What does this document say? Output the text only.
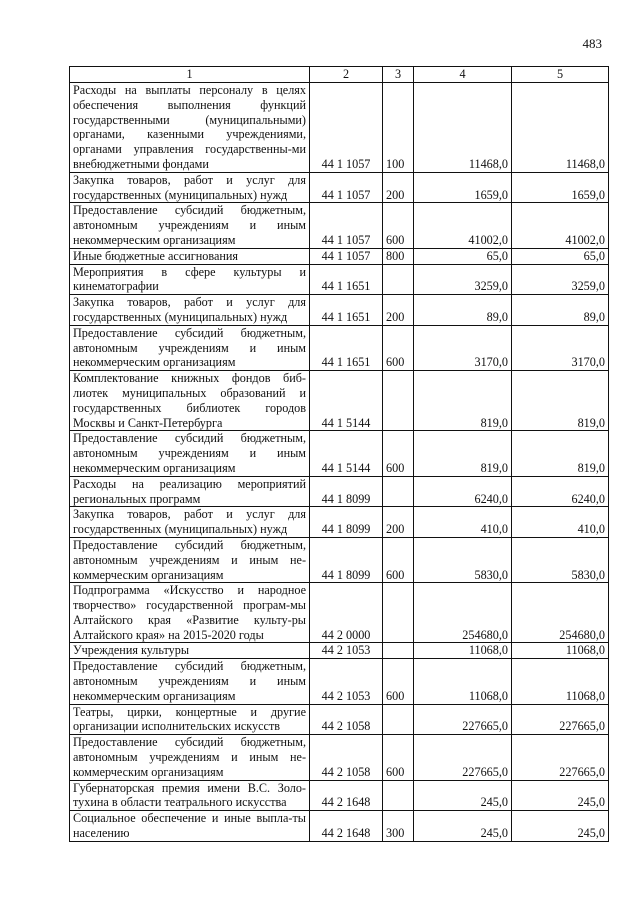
483
1	2	3	4	5
Расходы на выплаты персоналу в целях обеспечения выполнения функций государственными (муниципальными) органами, казенными учреждениями, органами управления государственны-ми внебюджетными фондами	44 1 1057	100	11468,0	11468,0
Закупка товаров, работ и услуг для государственных (муниципальных) нужд	44 1 1057	200	1659,0	1659,0
Предоставление субсидий бюджетным, автономным учреждениям и иным некоммерческим организациям	44 1 1057	600	41002,0	41002,0
Иные бюджетные ассигнования	44 1 1057	800	65,0	65,0
Мероприятия в сфере культуры и кинематографии	44 1 1651		3259,0	3259,0
Закупка товаров, работ и услуг для государственных (муниципальных) нужд	44 1 1651	200	89,0	89,0
Предоставление субсидий бюджетным, автономным учреждениям и иным некоммерческим организациям	44 1 1651	600	3170,0	3170,0
Комплектование книжных фондов биб-лиотек муниципальных образований и государственных библиотек городов Москвы и Санкт-Петербурга	44 1 5144		819,0	819,0
Предоставление субсидий бюджетным, автономным учреждениям и иным некоммерческим организациям	44 1 5144	600	819,0	819,0
Расходы на реализацию мероприятий региональных программ	44 1 8099		6240,0	6240,0
Закупка товаров, работ и услуг для государственных (муниципальных) нужд	44 1 8099	200	410,0	410,0
Предоставление субсидий бюджетным, автономным учреждениям и иным не-коммерческим организациям	44 1 8099	600	5830,0	5830,0
Подпрограмма «Искусство и народное творчество» государственной програм-мы Алтайского края «Развитие культу-ры Алтайского края» на 2015-2020 годы	44 2 0000		254680,0	254680,0
Учреждения культуры	44 2 1053		11068,0	11068,0
Предоставление субсидий бюджетным, автономным учреждениям и иным некоммерческим организациям	44 2 1053	600	11068,0	11068,0
Театры, цирки, концертные и другие организации исполнительских искусств	44 2 1058		227665,0	227665,0
Предоставление субсидий бюджетным, автономным учреждениям и иным не-коммерческим организациям	44 2 1058	600	227665,0	227665,0
Губернаторская премия имени В.С. Золо-тухина в области театрального искусства	44 2 1648		245,0	245,0
Социальное обеспечение и иные выпла-ты населению	44 2 1648	300	245,0	245,0
